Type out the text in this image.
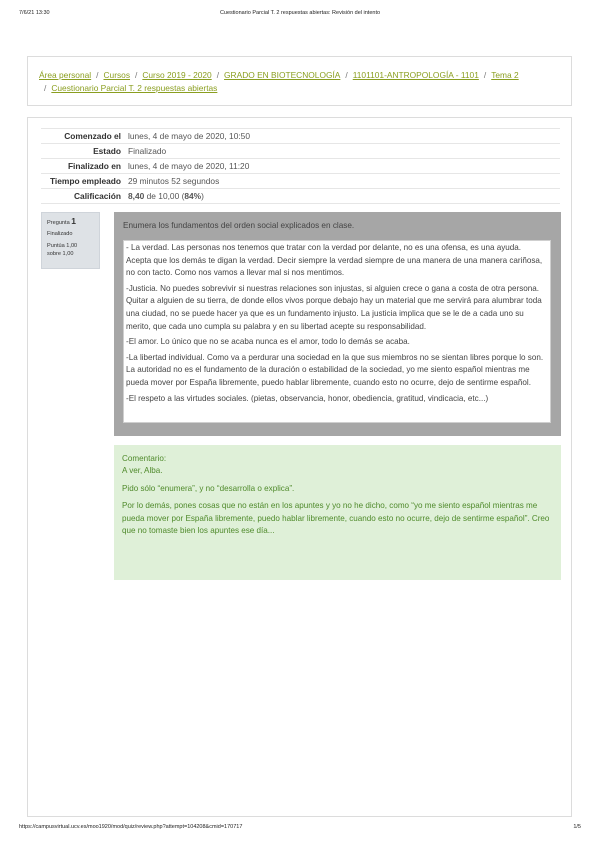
7/6/21 13:30	Cuestionario Parcial T. 2 respuestas abiertas: Revisión del intento
Área personal / Cursos / Curso 2019 - 2020 / GRADO EN BIOTECNOLOGÍA / 1101101-ANTROPOLOGÍA - 1101 / Tema 2
/ Cuestionario Parcial T. 2 respuestas abiertas
Comenzado el	lunes, 4 de mayo de 2020, 10:50
Estado	Finalizado
Finalizado en	lunes, 4 de mayo de 2020, 11:20
Tiempo empleado	29 minutos 52 segundos
Calificación	8,40 de 10,00 (84%)
Pregunta 1
Finalizado
Puntúa 1,00
sobre 1,00
Enumera los fundamentos del orden social explicados en clase.

- La verdad. Las personas nos tenemos que tratar con la verdad por delante, no es una ofensa, es una ayuda. Acepta que los demás te digan la verdad. Decir siempre la verdad siempre de una manera de una manera cariñosa, no con tacto. Como nos vamos a llevar mal si nos mentimos.

-Justicia. No puedes sobrevivir si nuestras relaciones son injustas, si alguien crece o gana a costa de otra persona. Quitar a alguien de su tierra, de donde ellos vivos porque debajo hay un material que me servirá para alumbrar toda una ciudad, no se puede hacer ya que es un fundamento injusto. La justicia implica que se le de a cada uno su merito, que cada uno cumpla su palabra y en su libertad acepte su responsabilidad.

-El amor. Lo único que no se acaba nunca es el amor, todo lo demás se acaba.

-La libertad individual. Como va a perdurar una sociedad en la que sus miembros no se sientan libres porque lo son. La autoridad no es el fundamento de la duración o estabilidad de la sociedad, yo me siento español mientras me pueda mover por España libremente, puedo hablar libremente, cuando esto no ocurre, dejo de sentirme español.

-El respeto a las virtudes sociales. (pietas, observancia, honor, obediencia, gratitud, vindicacia, etc...)

Comentario:

A ver, Alba.

Pido sólo “enumera”, y no “desarrolla o explica”.

Por lo demás, pones cosas que no están en los apuntes y yo no he dicho, como “yo me siento español mientras me pueda mover por España libremente, puedo hablar libremente, cuando esto no ocurre, dejo de sentirme español”. Creo que no tomaste bien los apuntes ese día...

https://campusvirtual.ucv.es/moo1920/mod/quiz/review.php?attempt=104208&cmid=170717	1/5
